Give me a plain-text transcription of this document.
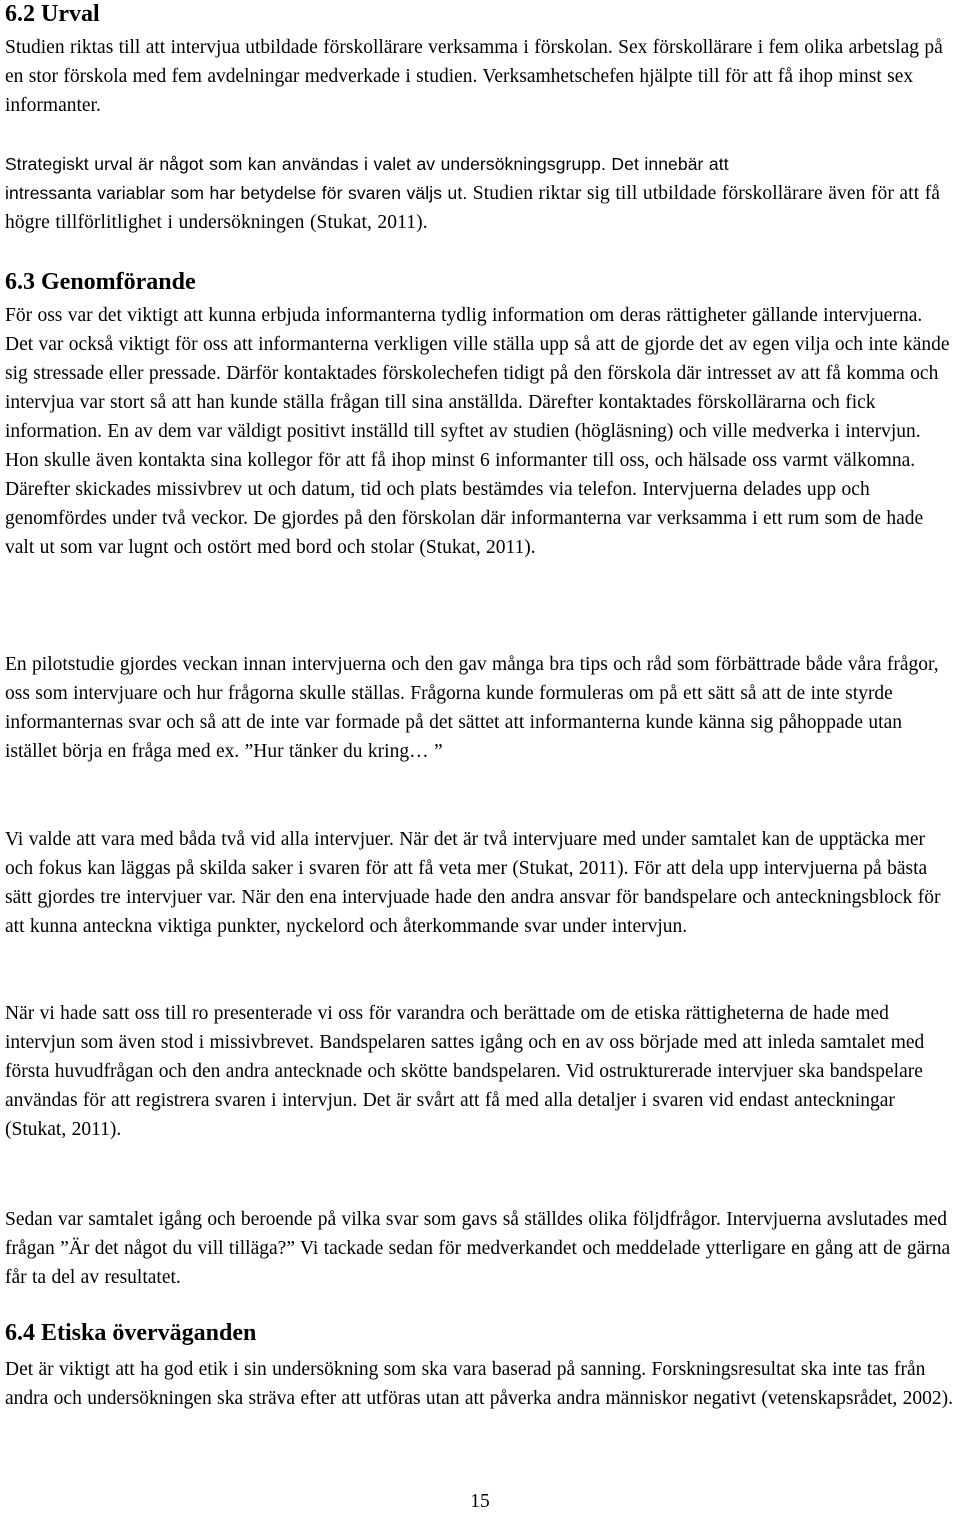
6.2 Urval

Studien riktas till att intervjua utbildade förskollärare verksamma i förskolan. Sex förskollärare i fem olika arbetslag på en stor förskola med fem avdelningar medverkade i studien. Verksamhetschefen hjälpte till för att få ihop minst sex informanter.

Strategiskt urval är något som kan användas i valet av undersökningsgrupp. Det innebär att
intressanta variablar som har betydelse för svaren väljs ut. Studien riktar sig till utbildade förskollärare även för att få högre tillförlitlighet i undersökningen (Stukat, 2011).

6.3 Genomförande

För oss var det viktigt att kunna erbjuda informanterna tydlig information om deras rättigheter gällande intervjuerna. Det var också viktigt för oss att informanterna verkligen ville ställa upp så att de gjorde det av egen vilja och inte kände sig stressade eller pressade. Därför kontaktades förskolechefen tidigt på den förskola där intresset av att få komma och intervjua var stort så att han kunde ställa frågan till sina anställda. Därefter kontaktades förskollärarna och fick information. En av dem var väldigt positivt inställd till syftet av studien (högläsning) och ville medverka i intervjun. Hon skulle även kontakta sina kollegor för att få ihop minst 6 informanter till oss, och hälsade oss varmt välkomna. Därefter skickades missivbrev ut och datum, tid och plats bestämdes via telefon. Intervjuerna delades upp och genomfördes under två veckor. De gjordes på den förskolan där informanterna var verksamma i ett rum som de hade valt ut som var lugnt och ostört med bord och stolar (Stukat, 2011).

En pilotstudie gjordes veckan innan intervjuerna och den gav många bra tips och råd som förbättrade både våra frågor, oss som intervjuare och hur frågorna skulle ställas. Frågorna kunde formuleras om på ett sätt så att de inte styrde informanternas svar och så att de inte var formade på det sättet att informanterna kunde känna sig påhoppade utan istället börja en fråga med ex. ”Hur tänker du kring… ”

Vi valde att vara med båda två vid alla intervjuer. När det är två intervjuare med under samtalet kan de upptäcka mer och fokus kan läggas på skilda saker i svaren för att få veta mer (Stukat, 2011). För att dela upp intervjuerna på bästa sätt gjordes tre intervjuer var. När den ena intervjuade hade den andra ansvar för bandspelare och anteckningsblock för att kunna anteckna viktiga punkter, nyckelord och återkommande svar under intervjun.

När vi hade satt oss till ro presenterade vi oss för varandra och berättade om de etiska rättigheterna de hade med intervjun som även stod i missivbrevet. Bandspelaren sattes igång och en av oss började med att inleda samtalet med första huvudfrågan och den andra antecknade och skötte bandspelaren. Vid ostrukturerade intervjuer ska bandspelare användas för att registrera svaren i intervjun. Det är svårt att få med alla detaljer i svaren vid endast anteckningar (Stukat, 2011).

Sedan var samtalet igång och beroende på vilka svar som gavs så ställdes olika följdfrågor. Intervjuerna avslutades med frågan ”Är det något du vill tilläga?” Vi tackade sedan för medverkandet och meddelade ytterligare en gång att de gärna får ta del av resultatet.

6.4 Etiska överväganden

Det är viktigt att ha god etik i sin undersökning som ska vara baserad på sanning. Forskningsresultat ska inte tas från andra och undersökningen ska sträva efter att utföras utan att påverka andra människor negativt (vetenskapsrådet, 2002).

15
